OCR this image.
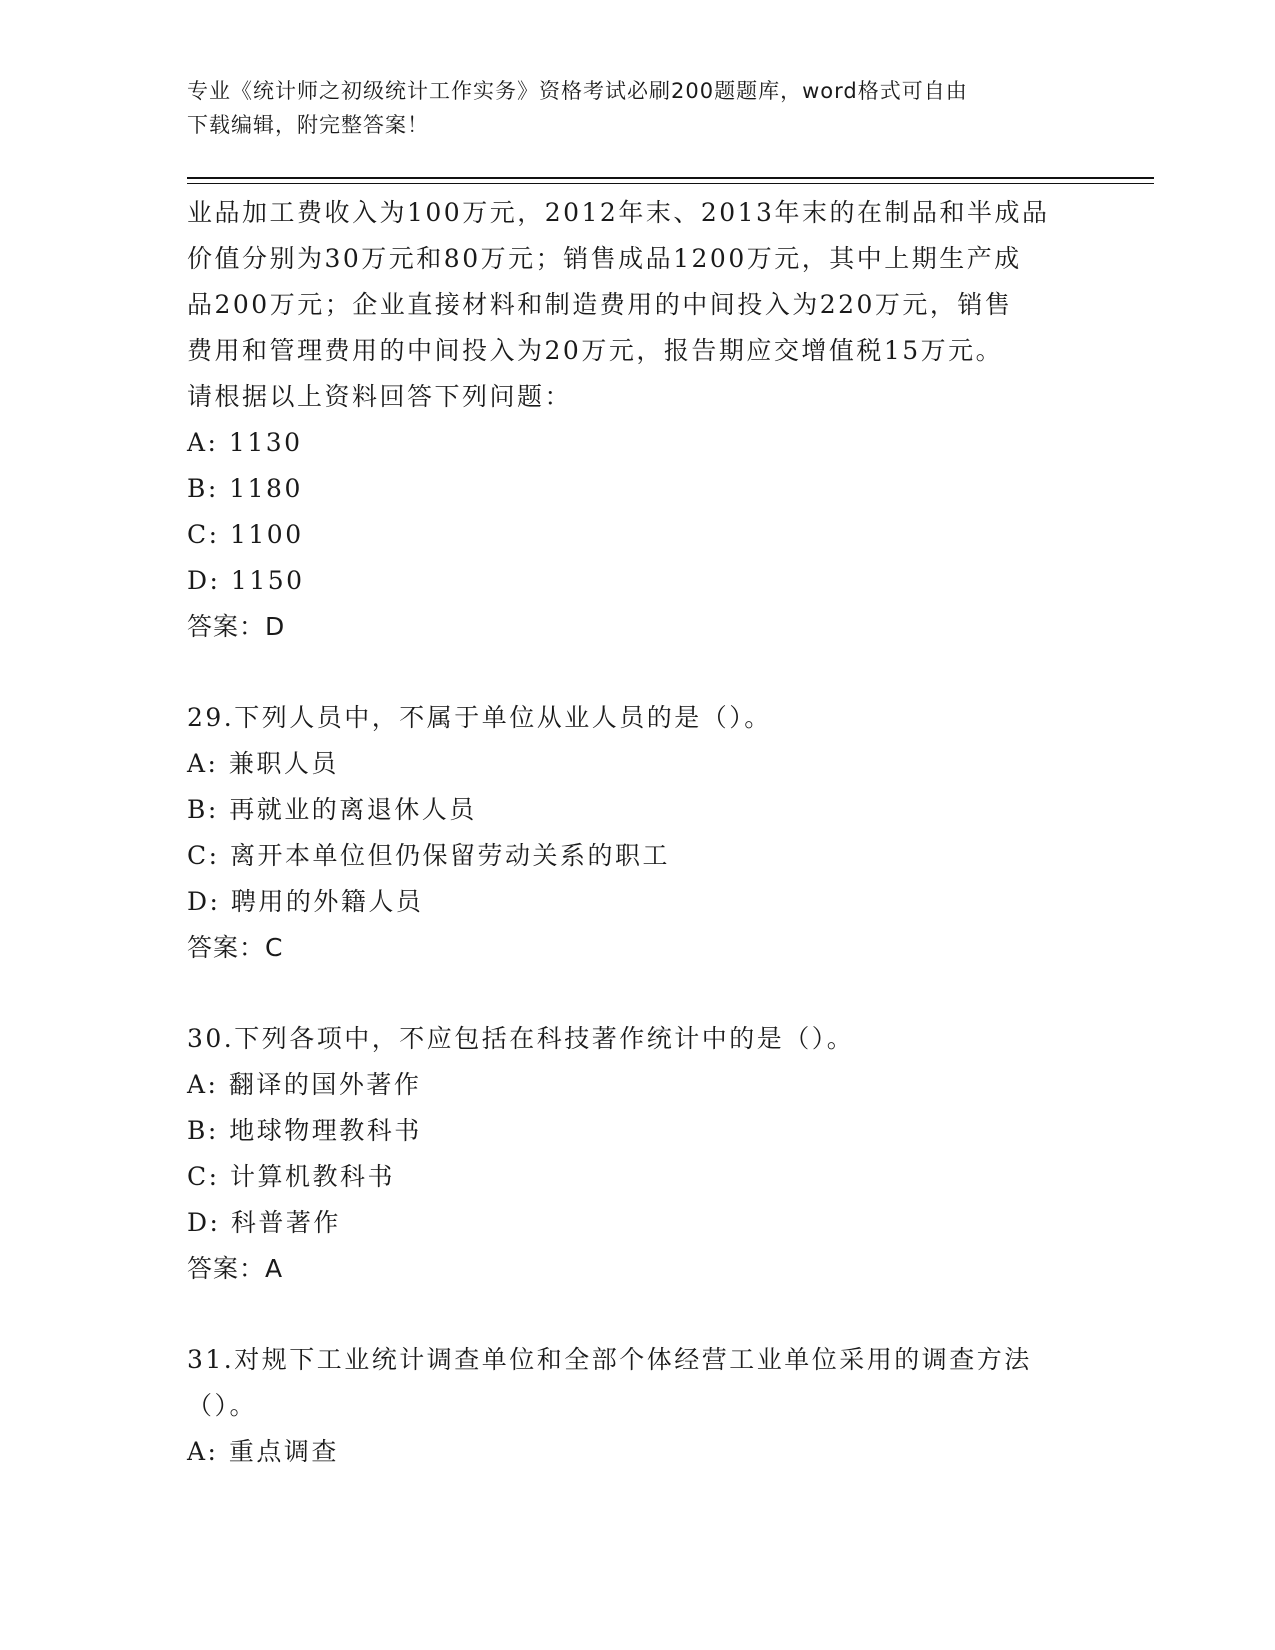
专业《统计师之初级统计工作实务》资格考试必刷200题题库，word格式可自由
下载编辑，附完整答案！
业品加工费收入为100万元，2012年末、2013年末的在制品和半成品
价值分别为30万元和80万元；销售成品1200万元，其中上期生产成
品200万元；企业直接材料和制造费用的中间投入为220万元，销售
费用和管理费用的中间投入为20万元，报告期应交增值税15万元。
请根据以上资料回答下列问题：
A: 1130
B: 1180
C: 1100
D: 1150
答案：D
29.下列人员中，不属于单位从业人员的是（）。
A: 兼职人员
B: 再就业的离退休人员
C: 离开本单位但仍保留劳动关系的职工
D: 聘用的外籍人员
答案：C
30.下列各项中，不应包括在科技著作统计中的是（）。
A: 翻译的国外著作
B: 地球物理教科书
C: 计算机教科书
D: 科普著作
答案：A
31.对规下工业统计调查单位和全部个体经营工业单位采用的调查方法
（）。
A: 重点调查
